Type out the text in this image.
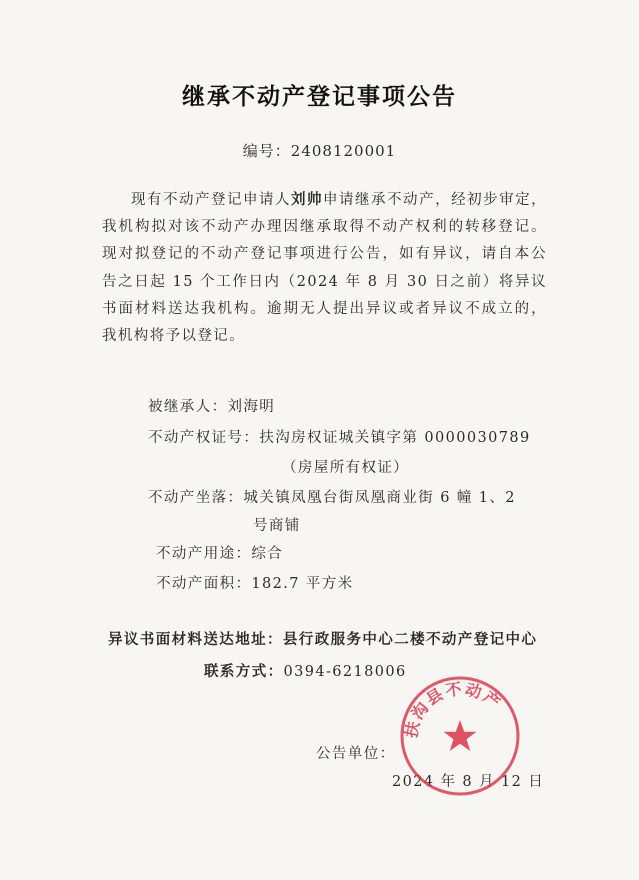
继承不动产登记事项公告
编号：2408120001
现有不动产登记申请人刘帅申请继承不动产，经初步审定，我机构拟对该不动产办理因继承取得不动产权利的转移登记。现对拟登记的不动产登记事项进行公告，如有异议，请自本公告之日起 15 个工作日内（2024 年 8 月 30 日之前）将异议书面材料送达我机构。逾期无人提出异议或者异议不成立的，我机构将予以登记。
被继承人：刘海明
不动产权证号：扶沟房权证城关镇字第 0000030789
（房屋所有权证）
不动产坐落：城关镇凤凰台街凤凰商业街 6 幢 1、2
号商铺
不动产用途：综合
不动产面积：182.7 平方米
异议书面材料送达地址：县行政服务中心二楼不动产登记中心
联系方式：0394-6218006
公告单位：
2024 年 8 月 12 日
扶沟县不动产
